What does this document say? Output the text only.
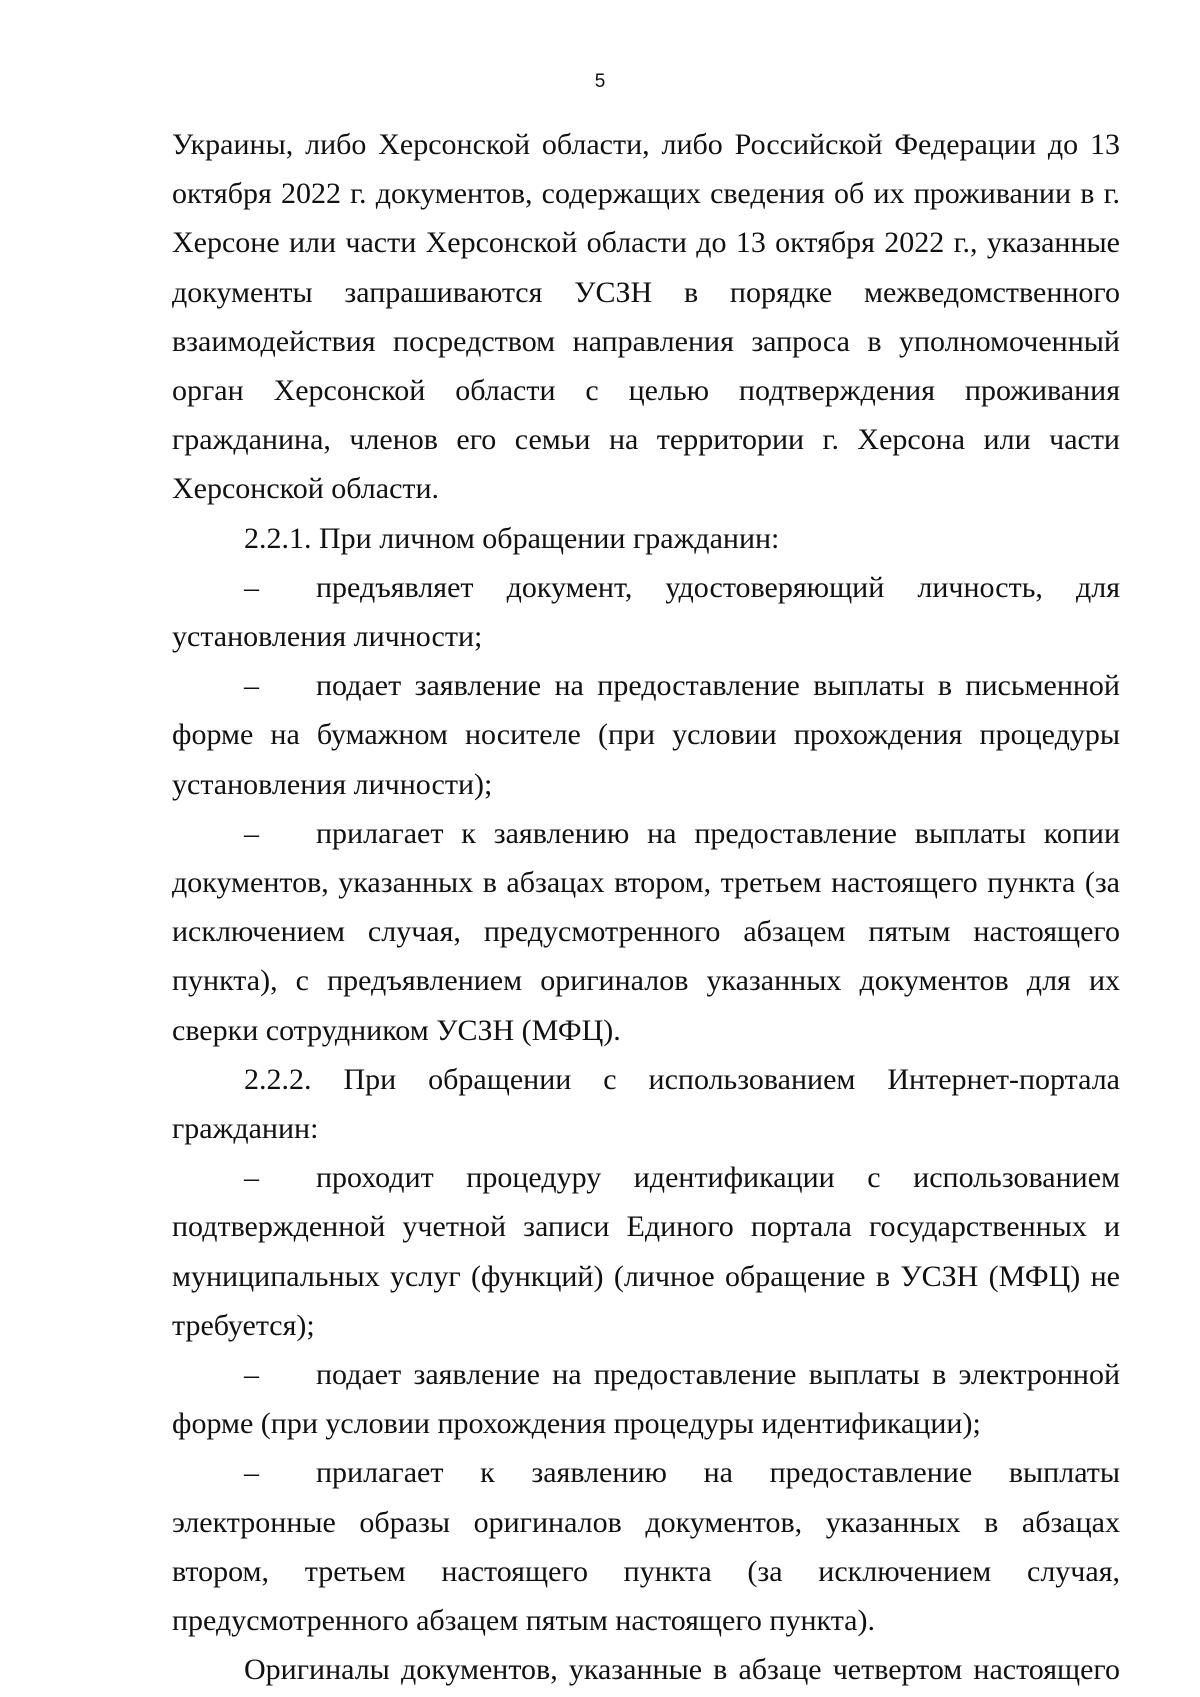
5

Украины, либо Херсонской области, либо Российской Федерации до 13 октября 2022 г. документов, содержащих сведения об их проживании в г. Херсоне или части Херсонской области до 13 октября 2022 г., указанные документы запрашиваются УСЗН в порядке межведомственного взаимодействия посредством направления запроса в уполномоченный орган Херсонской области с целью подтверждения проживания гражданина, членов его семьи на территории г. Херсона или части Херсонской области.

2.2.1. При личном обращении гражданин:

– предъявляет документ, удостоверяющий личность, для установления личности;

– подает заявление на предоставление выплаты в письменной форме на бумажном носителе (при условии прохождения процедуры установления личности);

– прилагает к заявлению на предоставление выплаты копии документов, указанных в абзацах втором, третьем настоящего пункта (за исключением случая, предусмотренного абзацем пятым настоящего пункта), с предъявлением оригиналов указанных документов для их сверки сотрудником УСЗН (МФЦ).

2.2.2. При обращении с использованием Интернет-портала гражданин:

– проходит процедуру идентификации с использованием подтвержденной учетной записи Единого портала государственных и муниципальных услуг (функций) (личное обращение в УСЗН (МФЦ) не требуется);

– подает заявление на предоставление выплаты в электронной форме (при условии прохождения процедуры идентификации);

– прилагает к заявлению на предоставление выплаты электронные образы оригиналов документов, указанных в абзацах втором, третьем настоящего пункта (за исключением случая, предусмотренного абзацем пятым настоящего пункта).

Оригиналы документов, указанные в абзаце четвертом настоящего
